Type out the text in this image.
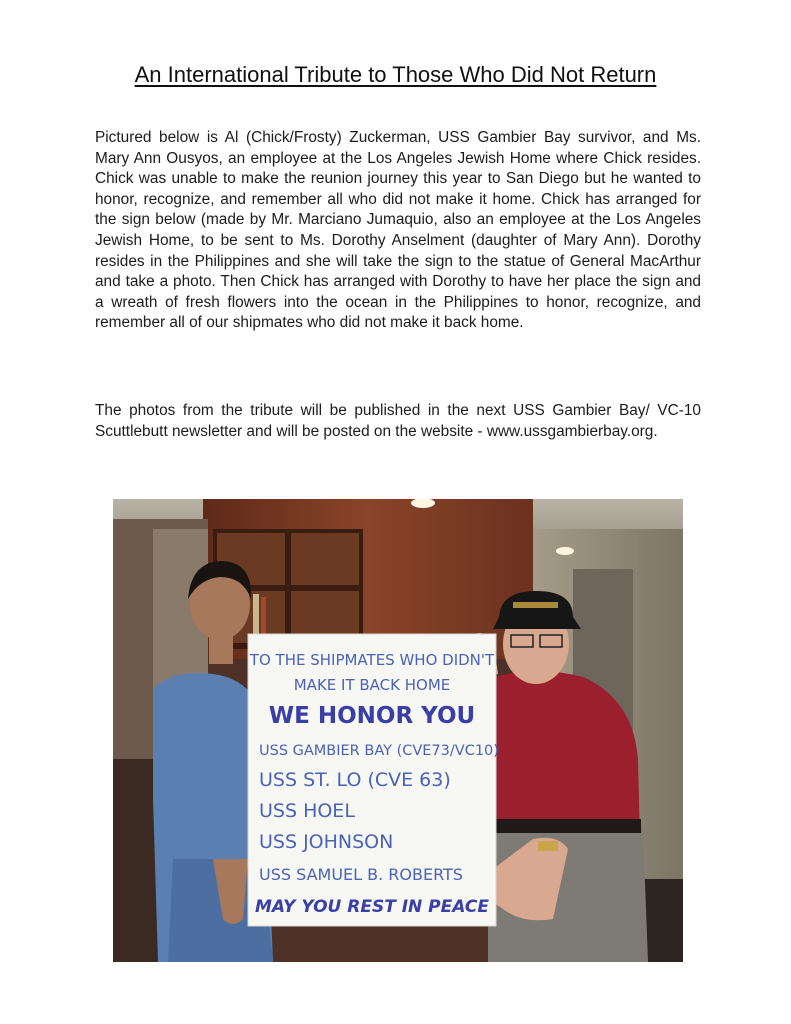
An International Tribute to Those Who Did Not Return

Pictured below is Al (Chick/Frosty) Zuckerman, USS Gambier Bay survivor, and Ms. Mary Ann Ousyos, an employee at the Los Angeles Jewish Home where Chick resides. Chick was unable to make the reunion journey this year to San Diego but he wanted to honor, recognize, and remember all who did not make it home. Chick has arranged for the sign below (made by Mr. Marciano Jumaquio, also an employee at the Los Angeles Jewish Home, to be sent to Ms. Dorothy Anselment (daughter of Mary Ann). Dorothy resides in the Philippines and she will take the sign to the statue of General MacArthur and take a photo. Then Chick has arranged with Dorothy to have her place the sign and a wreath of fresh flowers into the ocean in the Philippines to honor, recognize, and remember all of our shipmates who did not make it back home.

The photos from the tribute will be published in the next USS Gambier Bay/ VC-10 Scuttlebutt newsletter and will be posted on the website - www.ussgambierbay.org.

TO THE SHIPMATES WHO DIDN'T
MAKE IT BACK HOME
WE HONOR YOU
USS GAMBIER BAY (CVE73/VC10)
USS ST. LO (CVE 63)
USS HOEL
USS JOHNSON
USS SAMUEL B. ROBERTS
MAY YOU REST IN PEACE
